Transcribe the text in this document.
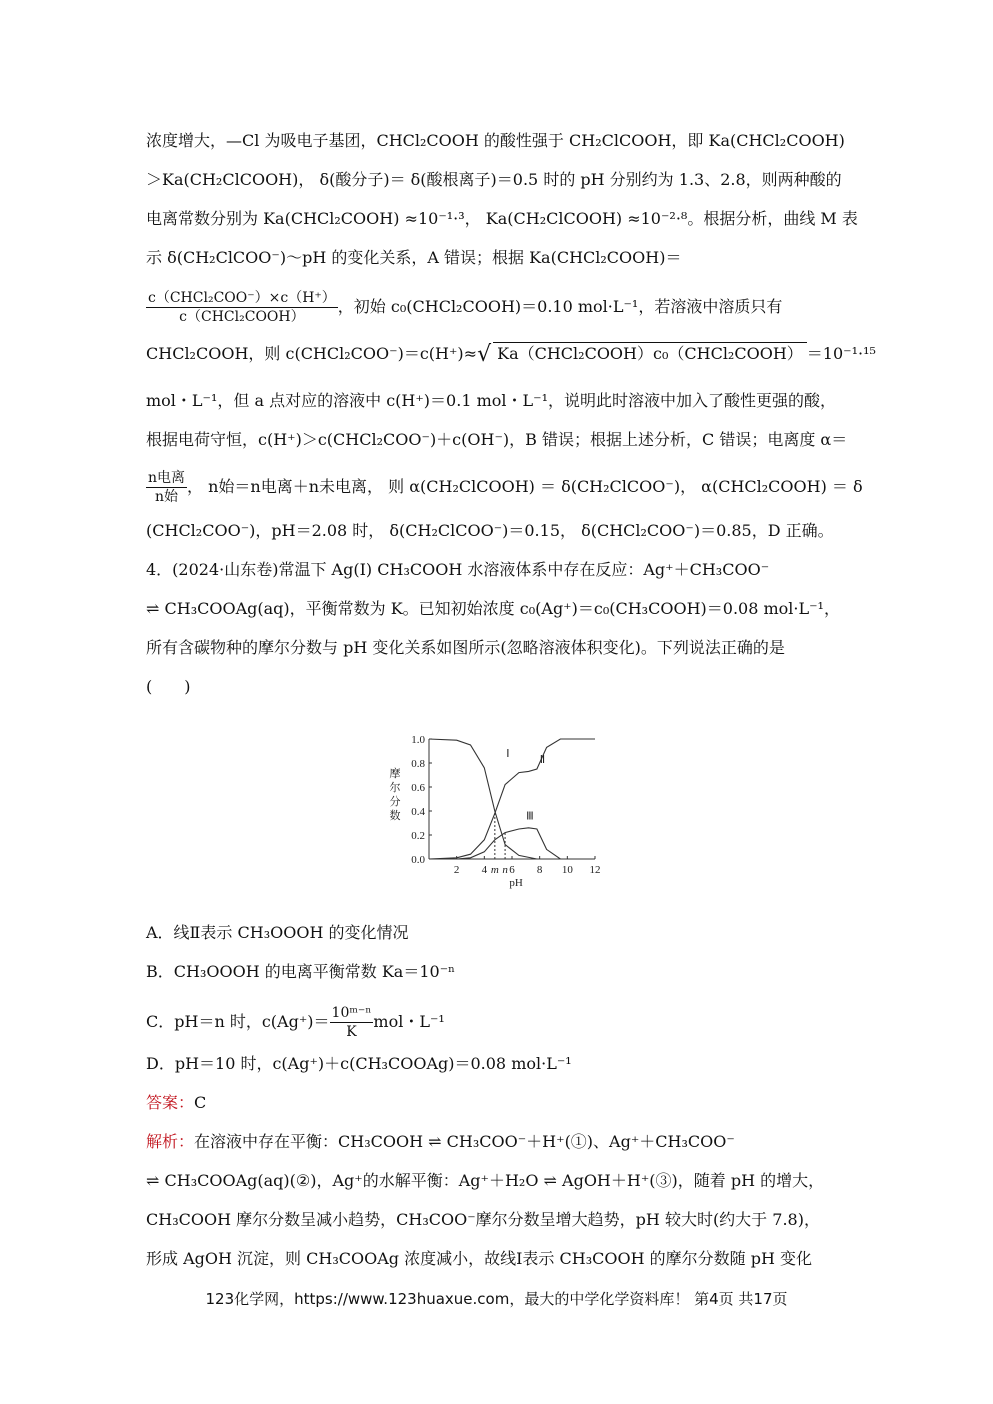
浓度增大，—Cl 为吸电子基团，CHCl₂COOH 的酸性强于 CH₂ClCOOH，即 Ka(CHCl₂COOH)
＞Ka(CH₂ClCOOH)， δ(酸分子)＝ δ(酸根离子)＝0.5 时的 pH 分别约为 1.3、2.8，则两种酸的
电离常数分别为 Ka(CHCl₂COOH) ≈10⁻¹·³， Ka(CH₂ClCOOH) ≈10⁻²·⁸。根据分析，曲线 M 表
示 δ(CH₂ClCOO⁻)～pH 的变化关系，A 错误；根据 Ka(CHCl₂COOH)＝
$\frac{\text{c（CHCl₂COO⁻）×c（H⁺）}}{\text{c（CHCl₂COOH）}}$ ，初始 c₀(CHCl₂COOH)＝0.10 mol·L⁻¹，若溶液中溶质只有
CHCl₂COOH，则 c(CHCl₂COO⁻)＝c(H⁺)≈√ Ka（CHCl₂COOH）c₀（CHCl₂COOH） ＝10⁻¹·¹⁵
mol・L⁻¹，但 a 点对应的溶液中 c(H⁺)＝0.1 mol・L⁻¹，说明此时溶液中加入了酸性更强的酸，
根据电荷守恒，c(H⁺)＞c(CHCl₂COO⁻)＋c(OH⁻)，B 错误；根据上述分析，C 错误；电离度 α＝
$\frac{\text{n电离}}{\text{n始}}$ ， n始＝n电离＋n未电离， 则 α(CH₂ClCOOH) ＝ δ(CH₂ClCOO⁻)， α(CHCl₂COOH) ＝ δ
(CHCl₂COO⁻)，pH＝2.08 时， δ(CH₂ClCOO⁻)＝0.15， δ(CHCl₂COO⁻)＝0.85，D 正确。
4．(2024·山东卷)常温下 Ag(Ⅰ) CH₃COOH 水溶液体系中存在反应：Ag⁺＋CH₃COO⁻
⇌ CH₃COOAg(aq)，平衡常数为 K。已知初始浓度 c₀(Ag⁺)＝c₀(CH₃COOH)＝0.08 mol·L⁻¹，
所有含碳物种的摩尔分数与 pH 变化关系如图所示(忽略溶液体积变化)。下列说法正确的是
(　　)
0.0
0.2
0.4
0.6
0.8
1.0
2 4 6 8 10 12
pH
摩
尔
分
数
Ⅰ	Ⅱ
Ⅲ
m n
A．线Ⅱ表示 CH₃OOOH 的变化情况
B．CH₃OOOH 的电离平衡常数 Ka＝10⁻ⁿ
C．pH＝n 时，$c(Ag^+)= \frac{\text{10ᵐ⁻ⁿ}}{K}$ mol・L⁻¹
D．pH＝10 时，c(Ag⁺)＋c(CH₃COOAg)＝0.08 mol·L⁻¹
答案：C
解析：在溶液中存在平衡：CH₃COOH ⇌ CH₃COO⁻＋H⁺(①)、Ag⁺＋CH₃COO⁻
⇌ CH₃COOAg(aq)(②)，Ag⁺的水解平衡：Ag⁺＋H₂O ⇌ AgOH＋H⁺(③)，随着 pH 的增大，
CH₃COOH 摩尔分数呈减小趋势，CH₃COO⁻摩尔分数呈增大趋势，pH 较大时(约大于 7.8)，
形成 AgOH 沉淀，则 CH₃COOAg 浓度减小，故线Ⅰ表示 CH₃COOH 的摩尔分数随 pH 变化
123化学网，https://www.123huaxue.com，最大的中学化学资料库！ 第4页 共17页
